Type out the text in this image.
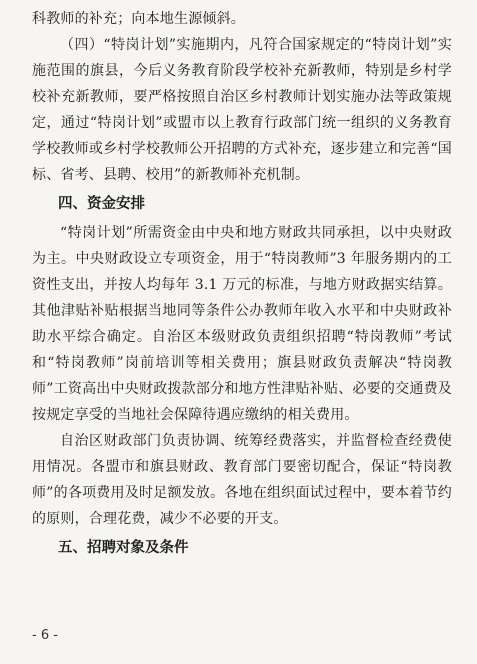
科教师的补充；向本地生源倾斜。

（四）“特岗计划”实施期内，凡符合国家规定的“特岗计划”实施范围的旗县，今后义务教育阶段学校补充新教师，特别是乡村学校补充新教师，要严格按照自治区乡村教师计划实施办法等政策规定，通过“特岗计划”或盟市以上教育行政部门统一组织的义务教育学校教师或乡村学校教师公开招聘的方式补充，逐步建立和完善“国标、省考、县聘、校用”的新教师补充机制。

四、资金安排

“特岗计划”所需资金由中央和地方财政共同承担，以中央财政为主。中央财政设立专项资金，用于“特岗教师”3 年服务期内的工资性支出，并按人均每年 3.1 万元的标准，与地方财政据实结算。其他津贴补贴根据当地同等条件公办教师年收入水平和中央财政补助水平综合确定。自治区本级财政负责组织招聘“特岗教师”考试和“特岗教师”岗前培训等相关费用；旗县财政负责解决“特岗教师”工资高出中央财政拨款部分和地方性津贴补贴、必要的交通费及按规定享受的当地社会保障待遇应缴纳的相关费用。

自治区财政部门负责协调、统筹经费落实，并监督检查经费使用情况。各盟市和旗县财政、教育部门要密切配合，保证“特岗教师”的各项费用及时足额发放。各地在组织面试过程中，要本着节约的原则，合理花费，减少不必要的开支。

五、招聘对象及条件
- 6 -
